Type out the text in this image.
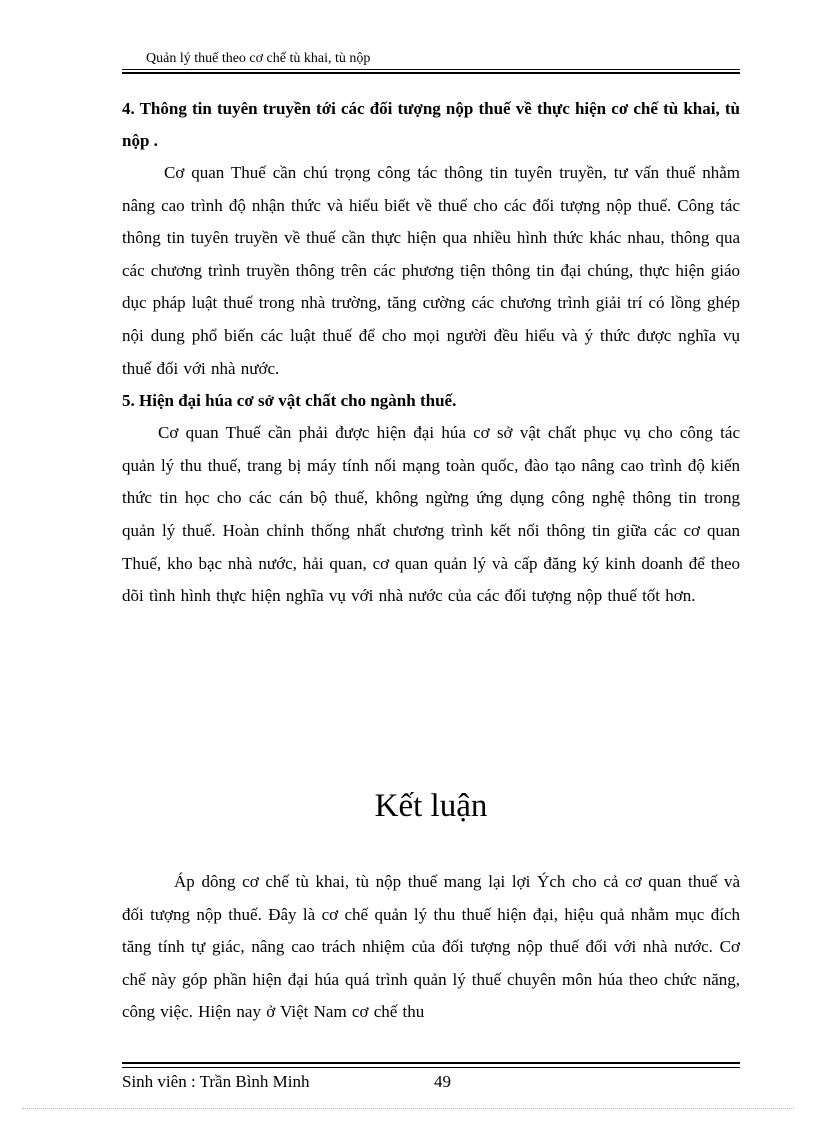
Quản lý thuế theo cơ chế tù khai, tù nộp

4. Thông tin tuyên truyền tới các đối tượng nộp thuế về thực hiện cơ chế tù khai, tù nộp .

Cơ quan Thuế cần chú trọng công tác thông tin tuyên truyền, tư vấn thuế nhằm nâng cao trình độ nhận thức và hiểu biết về thuế cho các đối tượng nộp thuế. Công tác thông tin tuyên truyền về thuế cần thực hiện qua nhiều hình thức khác nhau, thông qua các chương trình truyền thông trên các phương tiện thông tin đại chúng, thực hiện giáo dục pháp luật thuế trong nhà trường, tăng cường các chương trình giải trí có lồng ghép nội dung phổ biến các luật thuế để cho mọi người đều hiểu và ý thức được nghĩa vụ thuế đối với nhà nước.

5. Hiện đại húa cơ sở vật chất cho ngành thuế.

Cơ quan Thuế cần phải được hiện đại húa cơ sở vật chất phục vụ cho công tác quản lý thu thuế, trang bị máy tính nối mạng toàn quốc, đào tạo nâng cao trình độ kiến thức tin học cho các cán bộ thuế, không ngừng ứng dụng công nghệ thông tin trong quản lý thuế. Hoàn chỉnh thống nhất chương trình kết nối thông tin giữa các cơ quan Thuế, kho bạc nhà nước, hải quan, cơ quan quản lý và cấp đăng ký kinh doanh để theo dõi tình hình thực hiện nghĩa vụ với nhà nước của các đối tượng nộp thuế tốt hơn.

Kết luận

Áp dông cơ chế tù khai, tù nộp thuế mang lại lợi Ých cho cả cơ quan thuế và đối tượng nộp thuế. Đây là cơ chế quản lý thu thuế hiện đại, hiệu quả nhằm mục đích tăng tính tự giác, nâng cao trách nhiệm của đối tượng nộp thuế đối với nhà nước. Cơ chế này góp phần hiện đại húa quá trình quản lý thuế chuyên môn húa theo chức năng, công việc. Hiện nay ở Việt Nam cơ chế thu

Sinh viên : Trần Bình Minh	49
